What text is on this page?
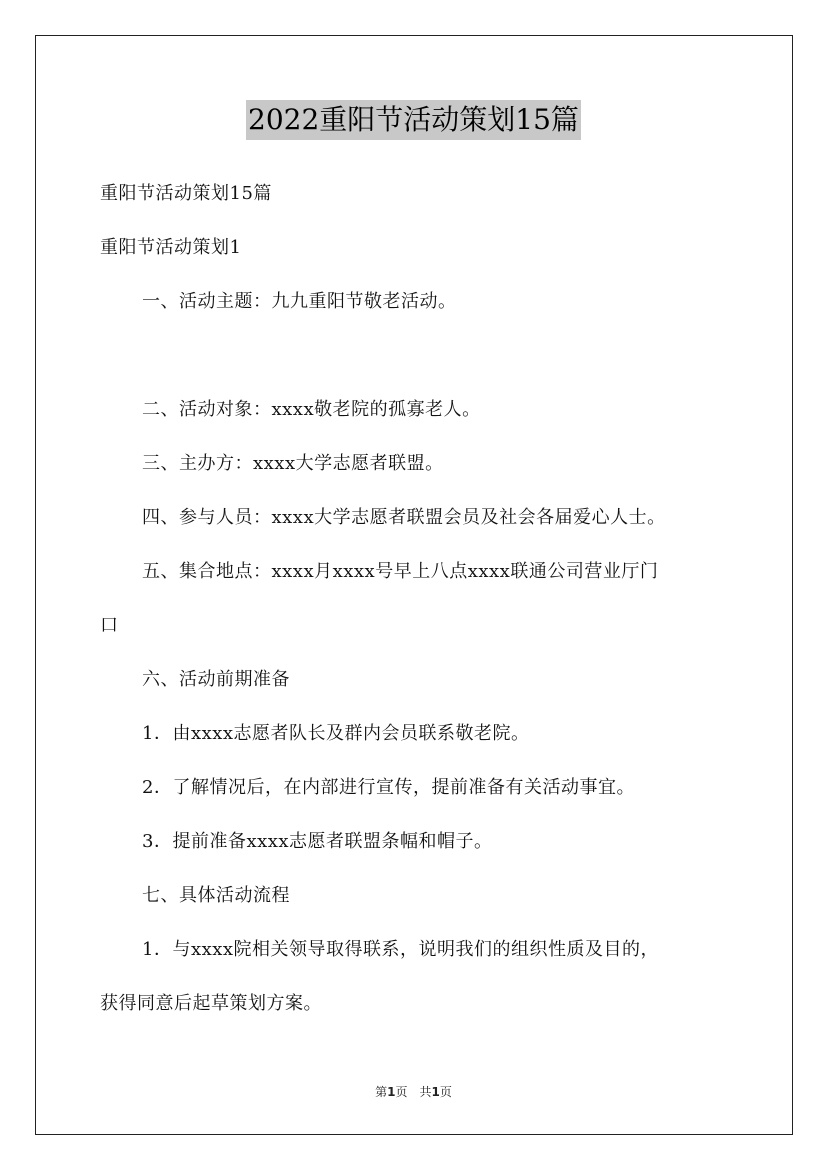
2022重阳节活动策划15篇
重阳节活动策划15篇
重阳节活动策划1
一、活动主题：九九重阳节敬老活动。
二、活动对象：xxxx敬老院的孤寡老人。
三、主办方：xxxx大学志愿者联盟。
四、参与人员：xxxx大学志愿者联盟会员及社会各届爱心人士。
五、集合地点：xxxx月xxxx号早上八点xxxx联通公司营业厅门
口
六、活动前期准备
1．由xxxx志愿者队长及群内会员联系敬老院。
2．了解情况后，在内部进行宣传，提前准备有关活动事宜。
3．提前准备xxxx志愿者联盟条幅和帽子。
七、具体活动流程
1．与xxxx院相关领导取得联系，说明我们的组织性质及目的，
获得同意后起草策划方案。
第1页　共1页
